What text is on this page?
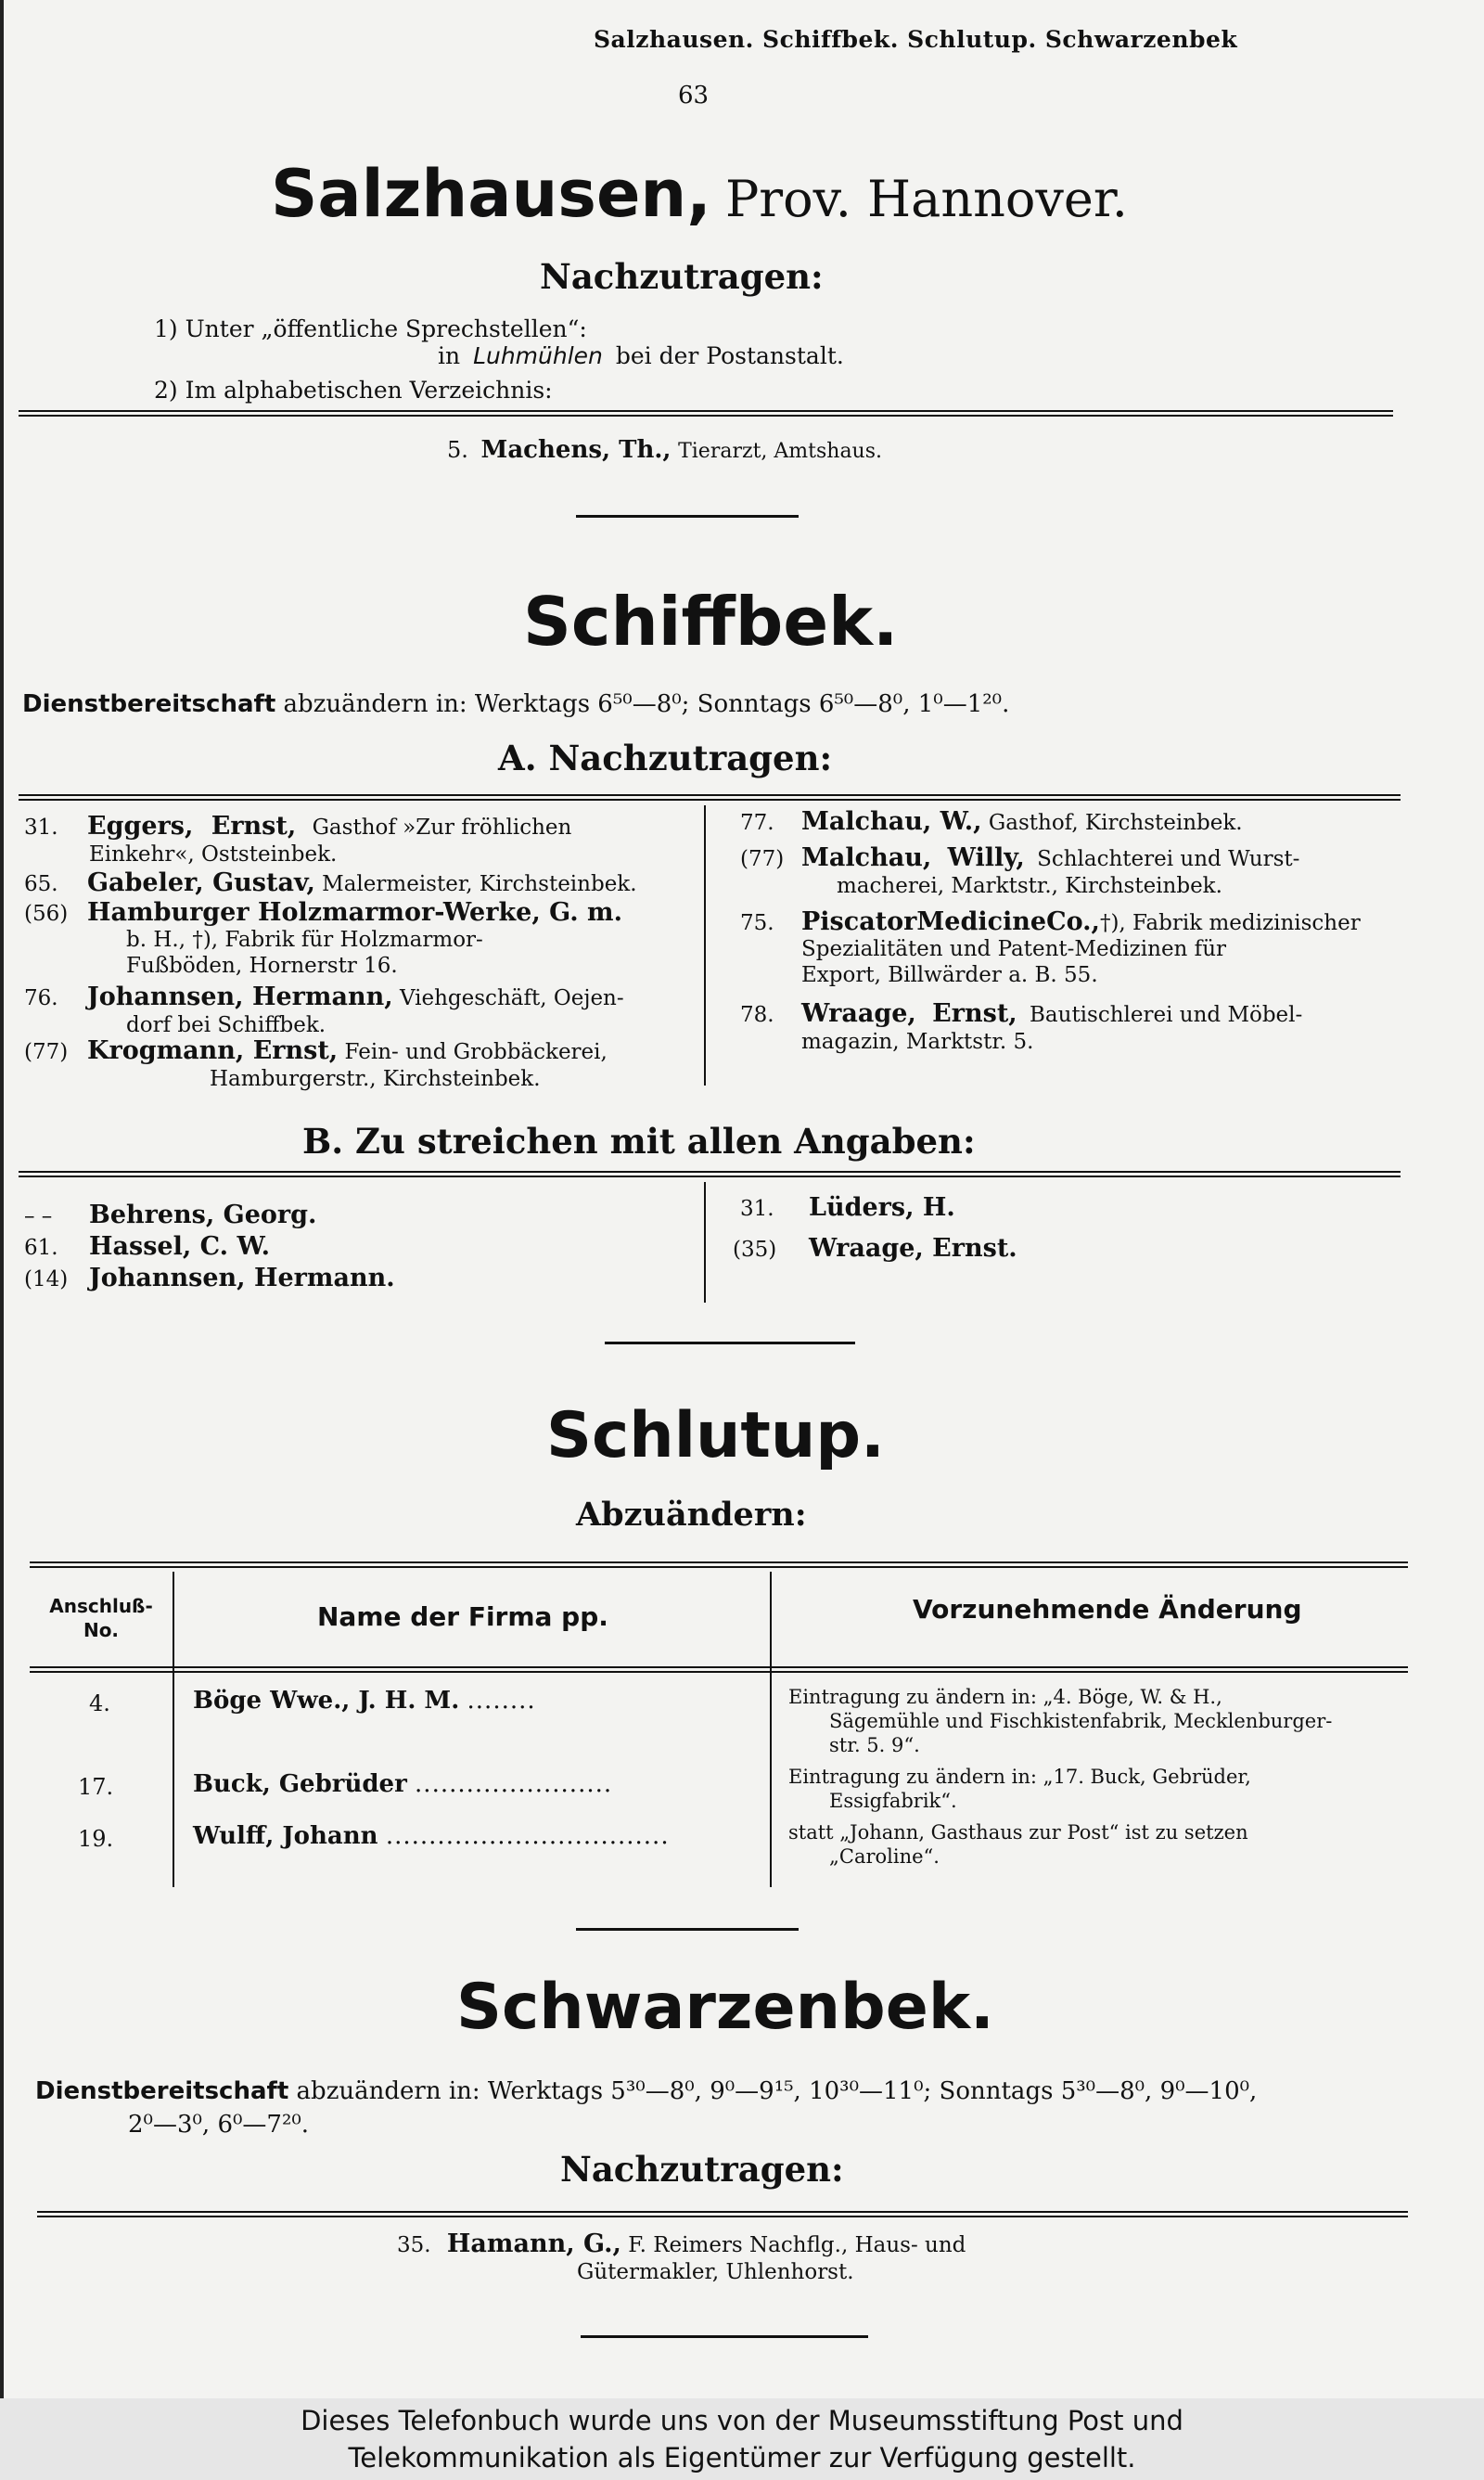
Salzhausen. Schiffbek. Schlutup. Schwarzenbek
63
Salzhausen, Prov. Hannover.
Nachzutragen:
1) Unter „öffentliche Sprechstellen“:
in Luhmühlen bei der Postanstalt.
2) Im alphabetischen Verzeichnis:
5. Machens, Th., Tierarzt, Amtshaus.
Schiffbek.
Dienstbereitschaft abzuändern in: Werktags 6⁵⁰—8⁰; Sonntags 6⁵⁰—8⁰, 1⁰—1²⁰.
A. Nachzutragen:
31. Eggers, Ernst, Gasthof »Zur fröhlichen
Einkehr«, Oststeinbek.
65. Gabeler, Gustav, Malermeister, Kirchsteinbek.
(56) Hamburger Holzmarmor-Werke, G. m.
b. H., †), Fabrik für Holzmarmor-
Fußböden, Hornerstr 16.
76. Johannsen, Hermann, Viehgeschäft, Oejen-
dorf bei Schiffbek.
(77) Krogmann, Ernst, Fein- und Grobbäckerei,
Hamburgerstr., Kirchsteinbek.
77. Malchau, W., Gasthof, Kirchsteinbek.
(77) Malchau, Willy, Schlachterei und Wurst-
macherei, Marktstr., Kirchsteinbek.
75. PiscatorMedicineCo.,†), Fabrik medizinischer
Spezialitäten und Patent-Medizinen für
Export, Billwärder a. B. 55.
78. Wraage, Ernst, Bautischlerei und Möbel-
magazin, Marktstr. 5.
B. Zu streichen mit allen Angaben:
– – Behrens, Georg.
61. Hassel, C. W.
(14) Johannsen, Hermann.
31. Lüders, H.
(35) Wraage, Ernst.
Schlutup.
Abzuändern:
Anschluß-
No.	Name der Firma pp.	Vorzunehmende Änderung
4.	Böge Wwe., J. H. M. ........	Eintragung zu ändern in: „4. Böge, W. & H.,
Sägemühle und Fischkistenfabrik, Mecklenburger-
str. 5. 9“.
17.	Buck, Gebrüder .......................	Eintragung zu ändern in: „17. Buck, Gebrüder,
Essigfabrik“.
19.	Wulff, Johann .................................	statt „Johann, Gasthaus zur Post“ ist zu setzen
„Caroline“.
Schwarzenbek.
Dienstbereitschaft abzuändern in: Werktags 5³⁰—8⁰, 9⁰—9¹⁵, 10³⁰—11⁰; Sonntags 5³⁰—8⁰, 9⁰—10⁰,
2⁰—3⁰, 6⁰—7²⁰.
Nachzutragen:
35. Hamann, G., F. Reimers Nachflg., Haus- und
Gütermakler, Uhlenhorst.
Dieses Telefonbuch wurde uns von der Museumsstiftung Post und
Telekommunikation als Eigentümer zur Verfügung gestellt.
